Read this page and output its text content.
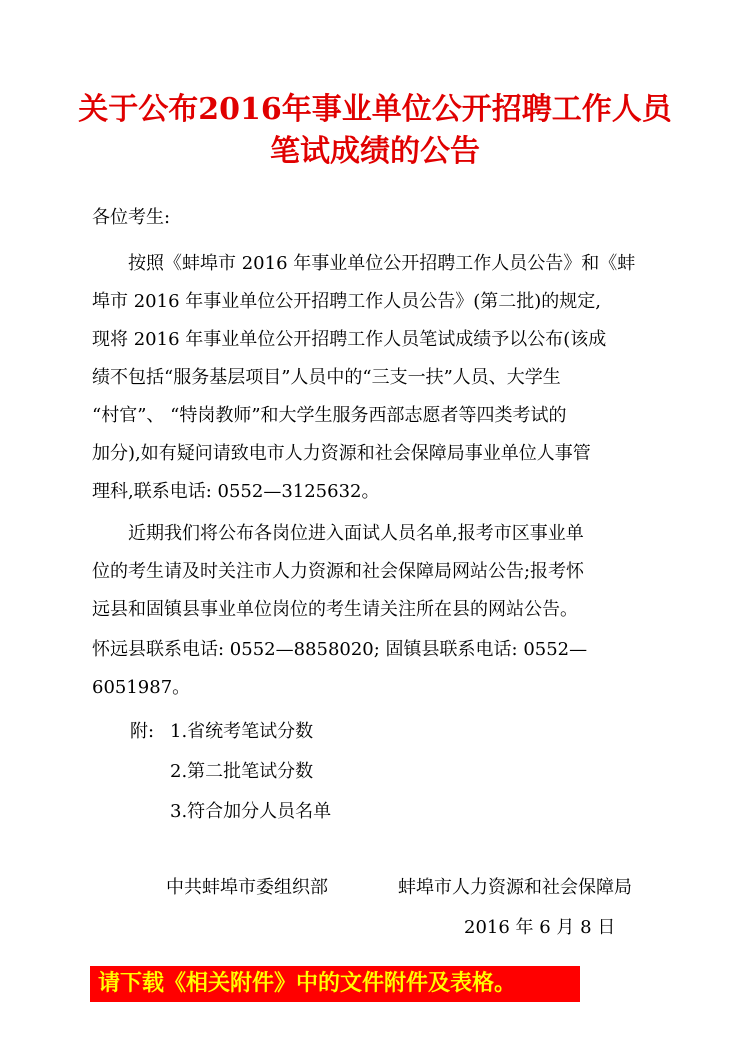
关于公布2016年事业单位公开招聘工作人员
笔试成绩的公告
各位考生:
按照《蚌埠市 2016 年事业单位公开招聘工作人员公告》和《蚌
埠市 2016 年事业单位公开招聘工作人员公告》(第二批)的规定,
现将 2016 年事业单位公开招聘工作人员笔试成绩予以公布(该成
绩不包括“服务基层项目”人员中的“三支一扶”人员、大学生
“村官”、 “特岗教师”和大学生服务西部志愿者等四类考试的
加分),如有疑问请致电市人力资源和社会保障局事业单位人事管
理科,联系电话: 0552—3125632。
近期我们将公布各岗位进入面试人员名单,报考市区事业单
位的考生请及时关注市人力资源和社会保障局网站公告;报考怀
远县和固镇县事业单位岗位的考生请关注所在县的网站公告。
怀远县联系电话: 0552—8858020; 固镇县联系电话: 0552—
6051987。
附: 1.省统考笔试分数
2.第二批笔试分数
3.符合加分人员名单
中共蚌埠市委组织部	蚌埠市人力资源和社会保障局
2016 年 6 月 8 日
请下载《相关附件》中的文件附件及表格。
